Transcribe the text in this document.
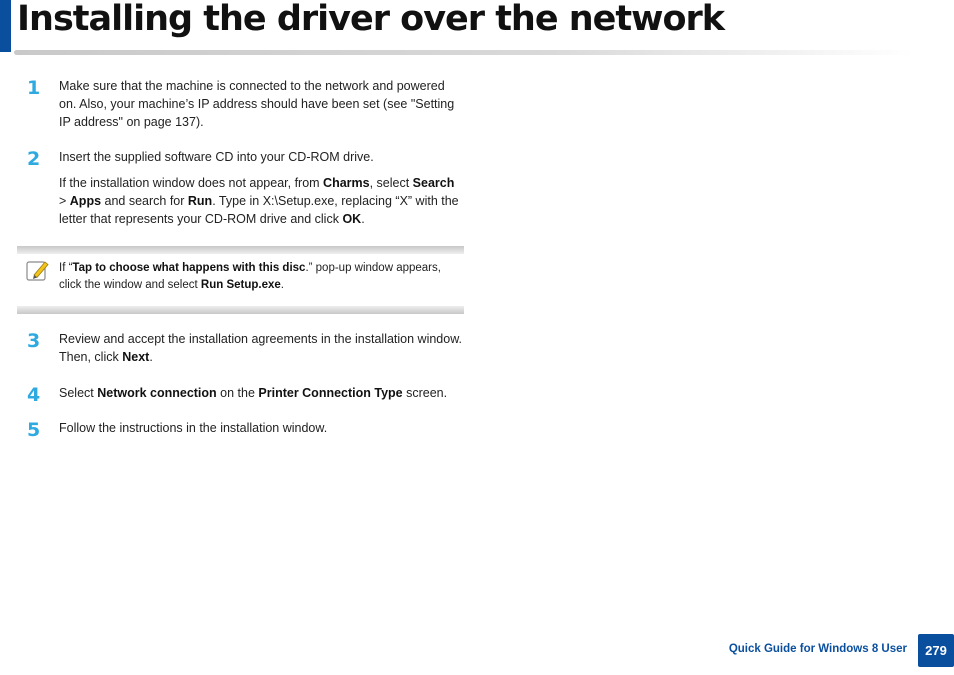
Installing the driver over the network
1 Make sure that the machine is connected to the network and powered on. Also, your machine’s IP address should have been set (see "Setting IP address" on page 137).

2 Insert the supplied software CD into your CD-ROM drive.

If the installation window does not appear, from Charms, select Search > Apps and search for Run. Type in X:\Setup.exe, replacing “X” with the letter that represents your CD-ROM drive and click OK.

If “Tap to choose what happens with this disc.” pop-up window appears, click the window and select Run Setup.exe.
3 Review and accept the installation agreements in the installation window. Then, click Next.

4 Select Network connection on the Printer Connection Type screen.

5 Follow the instructions in the installation window.

Quick Guide for Windows 8 User	279
